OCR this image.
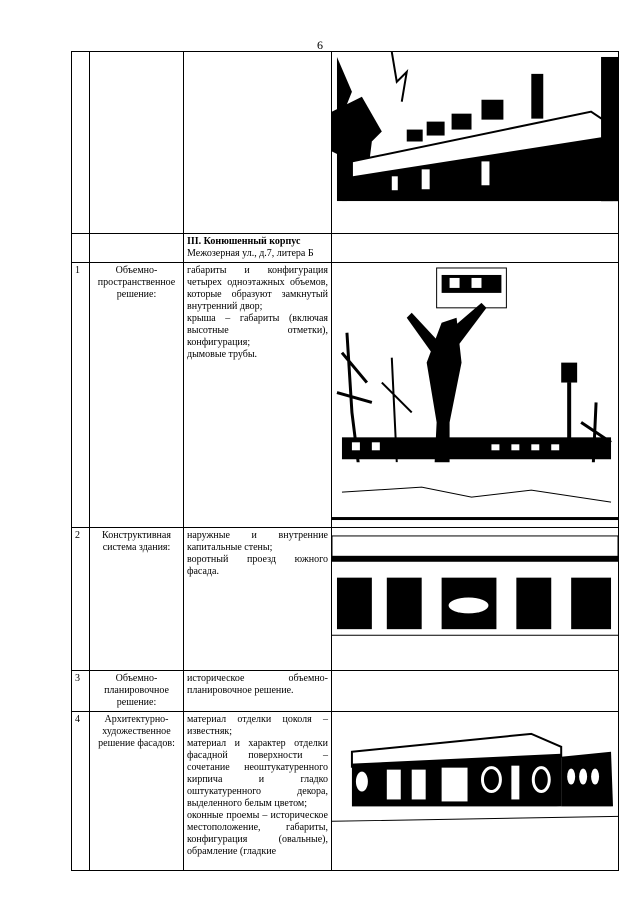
6

		III. Конюшенный корпус
Межозерная ул., д.7, литера Б	

1	Объемно-пространственное решение:	габариты и конфигурация четырех одноэтажных объемов, которые образуют замкнутый внутренний двор;
крыша – габариты (включая высотные отметки), конфигурация;
дымовые трубы.

2	Конструктивная система здания:	наружные и внутренние капитальные стены;
воротный проезд южного фасада.

3	Объемно-планировочное решение:	историческое объемно-планировочное решение.	

4	Архитектурно-художественное решение фасадов:	материал отделки цоколя – известняк;
материал и характер отделки фасадной поверхности – сочетание неоштукатуренного кирпича и гладко оштукатуренного декора, выделенного белым цветом;
оконные проемы – историческое местоположение, габариты, конфигурация (овальные), обрамление (гладкие
